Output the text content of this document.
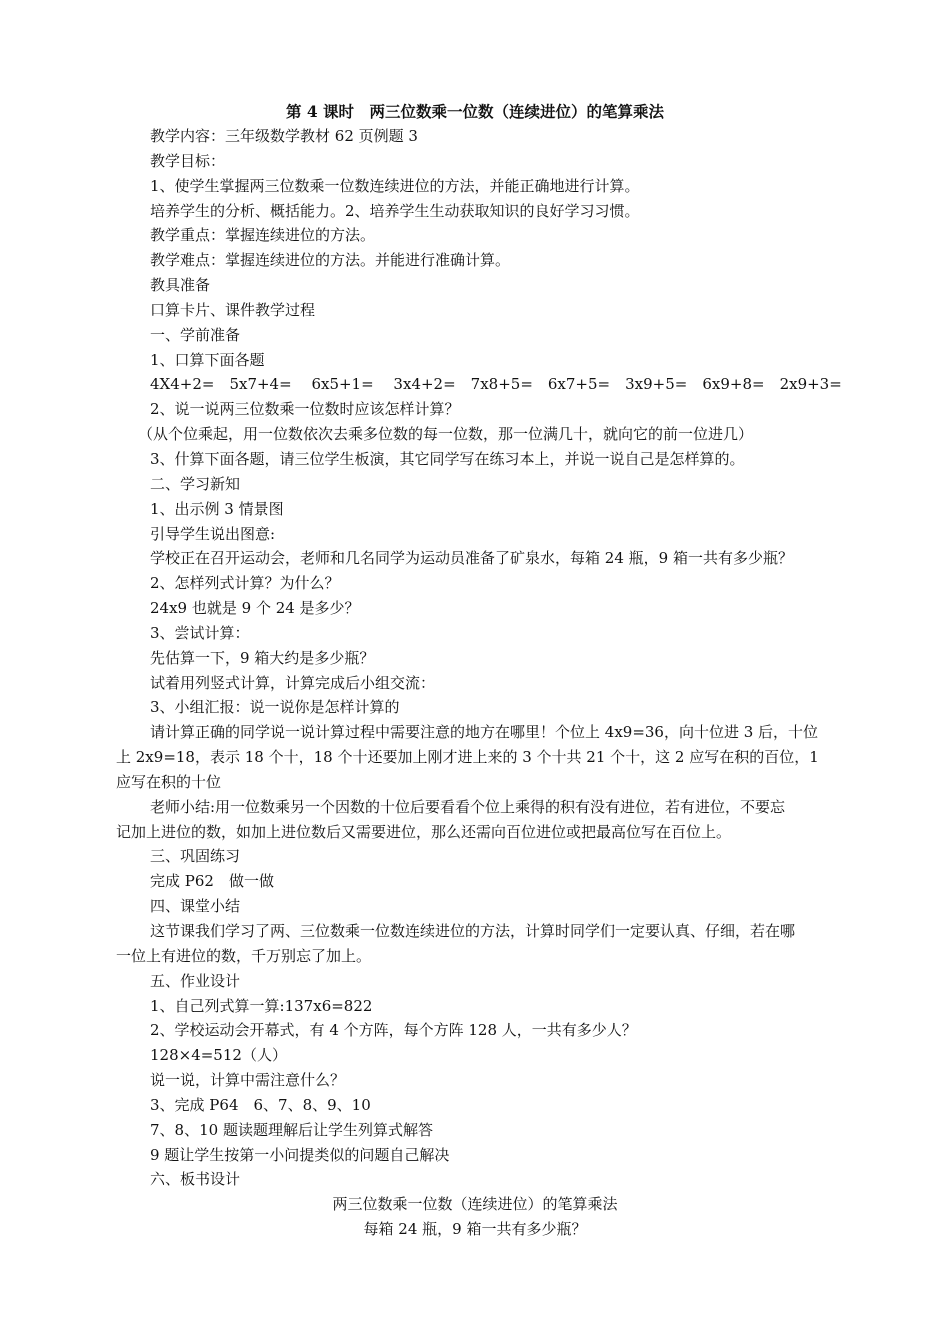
第 4 课时　两三位数乘一位数（连续进位）的笔算乘法
教学内容：三年级数学教材 62 页例题 3
教学目标：
1、使学生掌握两三位数乘一位数连续进位的方法，并能正确地进行计算。
培养学生的分析、概括能力。2、培养学生生动获取知识的良好学习习惯。
教学重点：掌握连续进位的方法。
教学难点：掌握连续进位的方法。并能进行准确计算。
教具准备
口算卡片、课件教学过程
一、学前准备
1、口算下面各题
4X4+2=　5x7+4=　 6x5+1=　 3x4+2=　7x8+5=　6x7+5=　3x9+5=　6x9+8=　2x9+3=
2、说一说两三位数乘一位数时应该怎样计算？
（从个位乘起，用一位数依次去乘多位数的每一位数，那一位满几十，就向它的前一位进几）
3、什算下面各题，请三位学生板演，其它同学写在练习本上，并说一说自己是怎样算的。
二、学习新知
1、出示例 3 情景图
引导学生说出图意:
学校正在召开运动会，老师和几名同学为运动员准备了矿泉水，每箱 24 瓶，9 箱一共有多少瓶？
2、怎样列式计算？为什么？
24x9 也就是 9 个 24 是多少？
3、尝试计算：
先估算一下，9 箱大约是多少瓶？
试着用列竖式计算，计算完成后小组交流：
3、小组汇报：说一说你是怎样计算的
请计算正确的同学说一说计算过程中需要注意的地方在哪里！个位上 4x9=36，向十位进 3 后，十位
上 2x9=18，表示 18 个十，18 个十还要加上刚才进上来的 3 个十共 21 个十，这 2 应写在积的百位，1
应写在积的十位
老师小结:用一位数乘另一个因数的十位后要看看个位上乘得的积有没有进位，若有进位，不要忘
记加上进位的数，如加上进位数后又需要进位，那么还需向百位进位或把最高位写在百位上。
三、巩固练习
完成 P62　做一做
四、课堂小结
这节课我们学习了两、三位数乘一位数连续进位的方法，计算时同学们一定要认真、仔细，若在哪
一位上有进位的数，千万别忘了加上。
五、作业设计
1、自己列式算一算:137x6=822
2、学校运动会开幕式，有 4 个方阵，每个方阵 128 人，一共有多少人？
128×4=512（人）
说一说，计算中需注意什么？
3、完成 P64　6、7、8、9、10
7、8、10 题读题理解后让学生列算式解答
9 题让学生按第一小问提类似的问题自己解决
六、板书设计
两三位数乘一位数（连续进位）的笔算乘法
每箱 24 瓶，9 箱一共有多少瓶？
